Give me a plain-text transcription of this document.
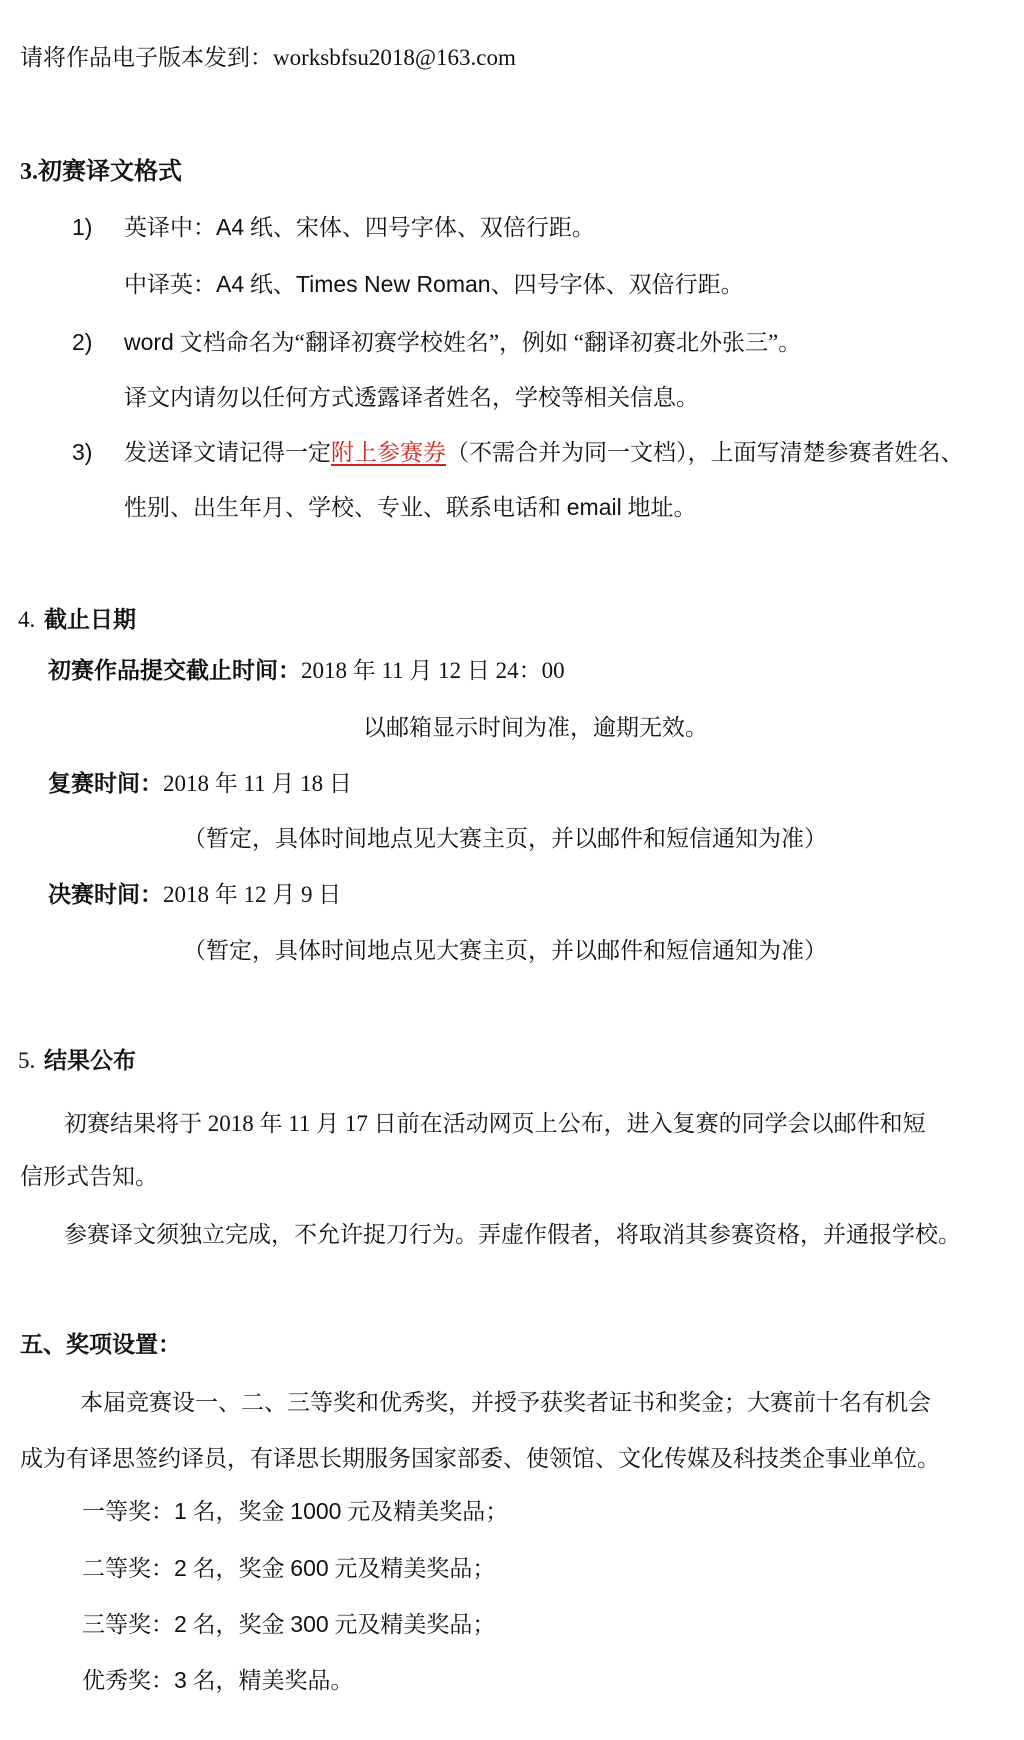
请将作品电子版本发到：worksbfsu2018@163.com
3.初赛译文格式
1) 英译中：A4 纸、宋体、四号字体、双倍行距。
中译英：A4 纸、Times New Roman、四号字体、双倍行距。
2) word 文档命名为“翻译初赛学校姓名”，例如 “翻译初赛北外张三”。
译文内请勿以任何方式透露译者姓名，学校等相关信息。
3) 发送译文请记得一定附上参赛券（不需合并为同一文档），上面写清楚参赛者姓名、
性别、出生年月、学校、专业、联系电话和 email 地址。
4. 截止日期
初赛作品提交截止时间：2018 年 11 月 12 日 24：00
以邮箱显示时间为准，逾期无效。
复赛时间：2018 年 11 月 18 日
（暂定，具体时间地点见大赛主页，并以邮件和短信通知为准）
决赛时间：2018 年 12 月 9 日
（暂定，具体时间地点见大赛主页，并以邮件和短信通知为准）
5. 结果公布
初赛结果将于 2018 年 11 月 17 日前在活动网页上公布，进入复赛的同学会以邮件和短
信形式告知。
参赛译文须独立完成，不允许捉刀行为。弄虚作假者，将取消其参赛资格，并通报学校。
五、奖项设置：
本届竞赛设一、二、三等奖和优秀奖，并授予获奖者证书和奖金；大赛前十名有机会
成为有译思签约译员，有译思长期服务国家部委、使领馆、文化传媒及科技类企事业单位。
一等奖：1 名，奖金 1000 元及精美奖品；
二等奖：2 名，奖金 600 元及精美奖品；
三等奖：2 名，奖金 300 元及精美奖品；
优秀奖：3 名，精美奖品。
